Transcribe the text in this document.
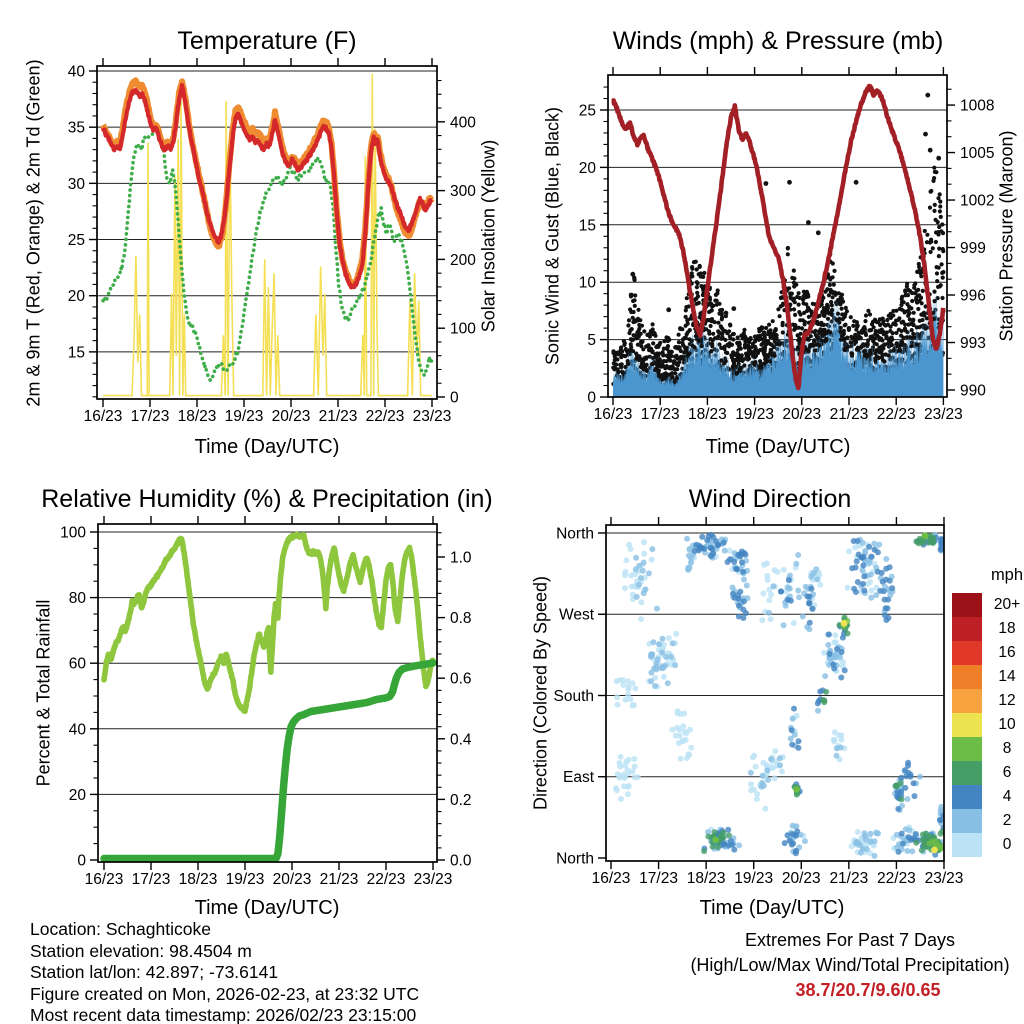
40
35
30
25
20
15
400
300
200
100
0
16/23 17/23 18/23 19/23 20/23 21/23 22/23 23/23
25
20
15
10
5
0
1008
1005
1002
999
996
993
990
16/23 17/23 18/23 19/23 20/23 21/23 22/23 23/23
100
80
60
40
20
0
1.0
0.8
0.6
0.4
0.2
0.0
16/23 17/23 18/23 19/23 20/23 21/23 22/23 23/23
North
West
South
East
North
16/23 17/23 18/23 19/23 20/23 21/23 22/23 23/23
Temperature (F)	Winds (mph) & Pressure (mb)
Relative Humidity (%) & Precipitation (in)	Wind Direction
2m & 9m T (Red, Orange) & 2m Td (Green)	Solar Insolation (Yellow) Sonic Wind & Gust (Blue, Black)	Station Pressure (Maroon)
Percent & Total Rainfall	Direction (Colored By Speed)
Time (Day/UTC)	Time (Day/UTC)
Time (Day/UTC)	Time (Day/UTC)
mph
20+
18
16
14
12
10
8
6
4
2
0
Location: Schaghticoke
Station elevation: 98.4504 m
Station lat/lon: 42.897; -73.6141
Figure created on Mon, 2026-02-23, at 23:32 UTC
Most recent data timestamp: 2026/02/23 23:15:00
Extremes For Past 7 Days
(High/Low/Max Wind/Total Precipitation)
38.7/20.7/9.6/0.65
